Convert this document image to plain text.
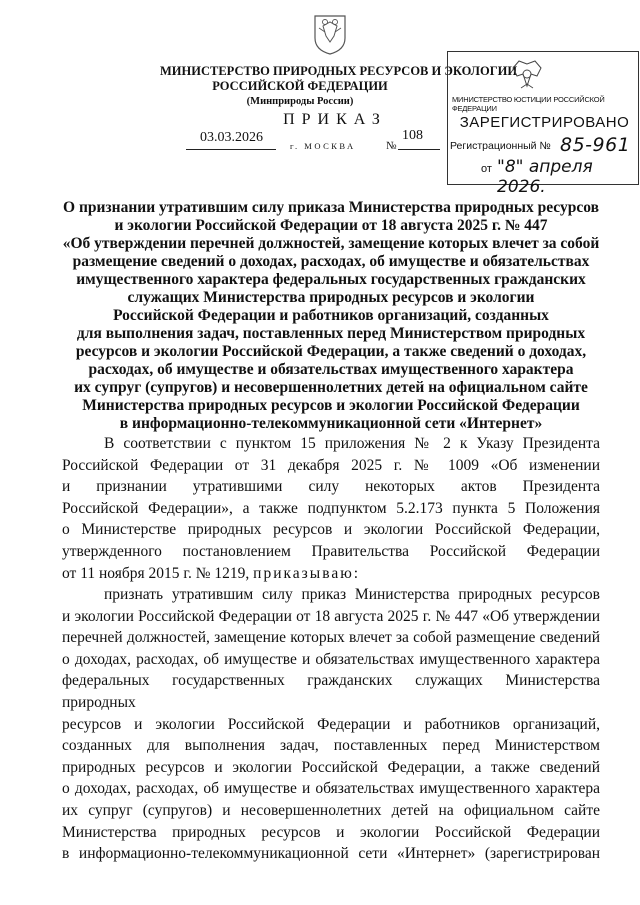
МИНИСТЕРСТВО ПРИРОДНЫХ РЕСУРСОВ И ЭКОЛОГИИ
РОССИЙСКОЙ ФЕДЕРАЦИИ
(Минприроды России)
ПРИКАЗ
03.03.2026
г. МОСКВА	№
108
МИНИСТЕРСТВО ЮСТИЦИИ РОССИЙСКОЙ ФЕДЕРАЦИИ
ЗАРЕГИСТРИРОВАНО
Регистрационный № 85-961
от "8" апреля 2026.
О признании утратившим силу приказа Министерства природных ресурсов
и экологии Российской Федерации от 18 августа 2025 г. № 447
«Об утверждении перечней должностей, замещение которых влечет за собой
размещение сведений о доходах, расходах, об имуществе и обязательствах
имущественного характера федеральных государственных гражданских
служащих Министерства природных ресурсов и экологии
Российской Федерации и работников организаций, созданных
для выполнения задач, поставленных перед Министерством природных
ресурсов и экологии Российской Федерации, а также сведений о доходах,
расходах, об имуществе и обязательствах имущественного характера
их супруг (супругов) и несовершеннолетних детей на официальном сайте
Министерства природных ресурсов и экологии Российской Федерации
в информационно-телекоммуникационной сети «Интернет»
В соответствии с пунктом 15 приложения № 2 к Указу Президента
Российской Федерации от 31 декабря 2025 г. № 1009 «Об изменении
и признании утратившими силу некоторых актов Президента
Российской Федерации», а также подпунктом 5.2.173 пункта 5 Положения
о Министерстве природных ресурсов и экологии Российской Федерации,
утвержденного постановлением Правительства Российской Федерации
от 11 ноября 2015 г. № 1219, приказываю:
признать утратившим силу приказ Министерства природных ресурсов
и экологии Российской Федерации от 18 августа 2025 г. № 447 «Об утверждении
перечней должностей, замещение которых влечет за собой размещение сведений
о доходах, расходах, об имуществе и обязательствах имущественного характера
федеральных государственных гражданских служащих Министерства природных
ресурсов и экологии Российской Федерации и работников организаций,
созданных для выполнения задач, поставленных перед Министерством
природных ресурсов и экологии Российской Федерации, а также сведений
о доходах, расходах, об имуществе и обязательствах имущественного характера
их супруг (супругов) и несовершеннолетних детей на официальном сайте
Министерства природных ресурсов и экологии Российской Федерации
в информационно-телекоммуникационной сети «Интернет» (зарегистрирован
